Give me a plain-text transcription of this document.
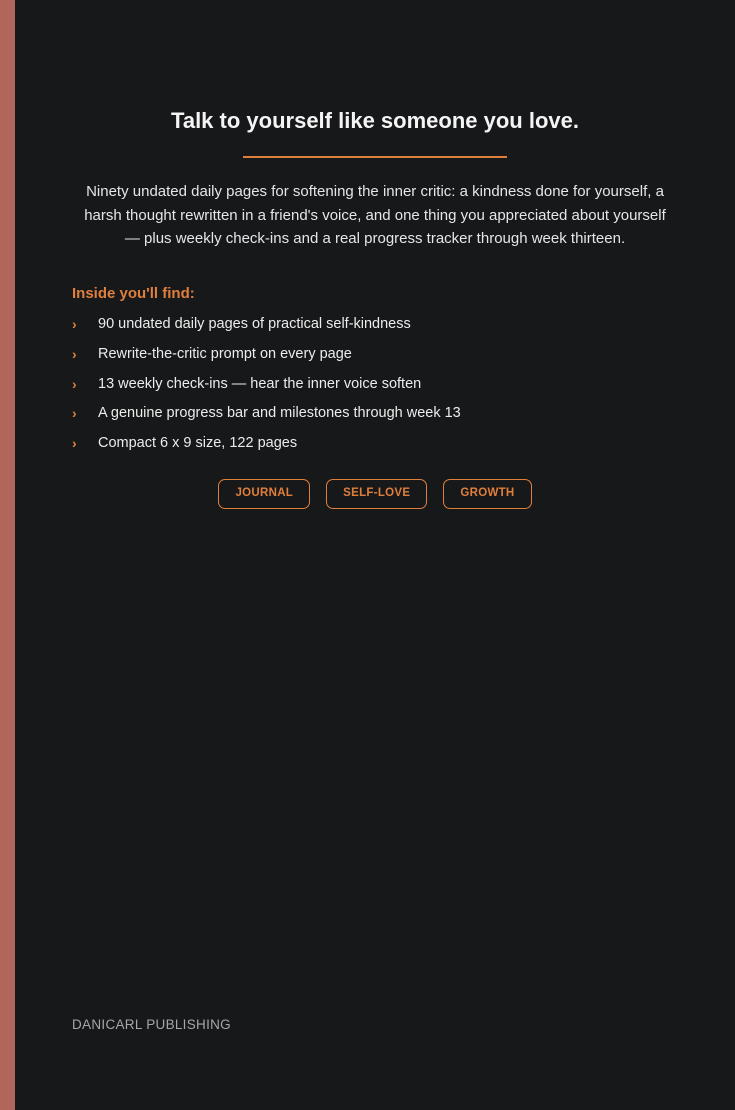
Talk to yourself like someone you love.

Ninety undated daily pages for softening the inner critic: a kindness done for yourself, a harsh thought rewritten in a friend's voice, and one thing you appreciated about yourself — plus weekly check-ins and a real progress tracker through week thirteen.

Inside you'll find:
›	90 undated daily pages of practical self-kindness
›	Rewrite-the-critic prompt on every page
›	13 weekly check-ins — hear the inner voice soften
›	A genuine progress bar and milestones through week 13
›	Compact 6 x 9 size, 122 pages
JOURNAL	SELF-LOVE	GROWTH

DANICARL PUBLISHING
